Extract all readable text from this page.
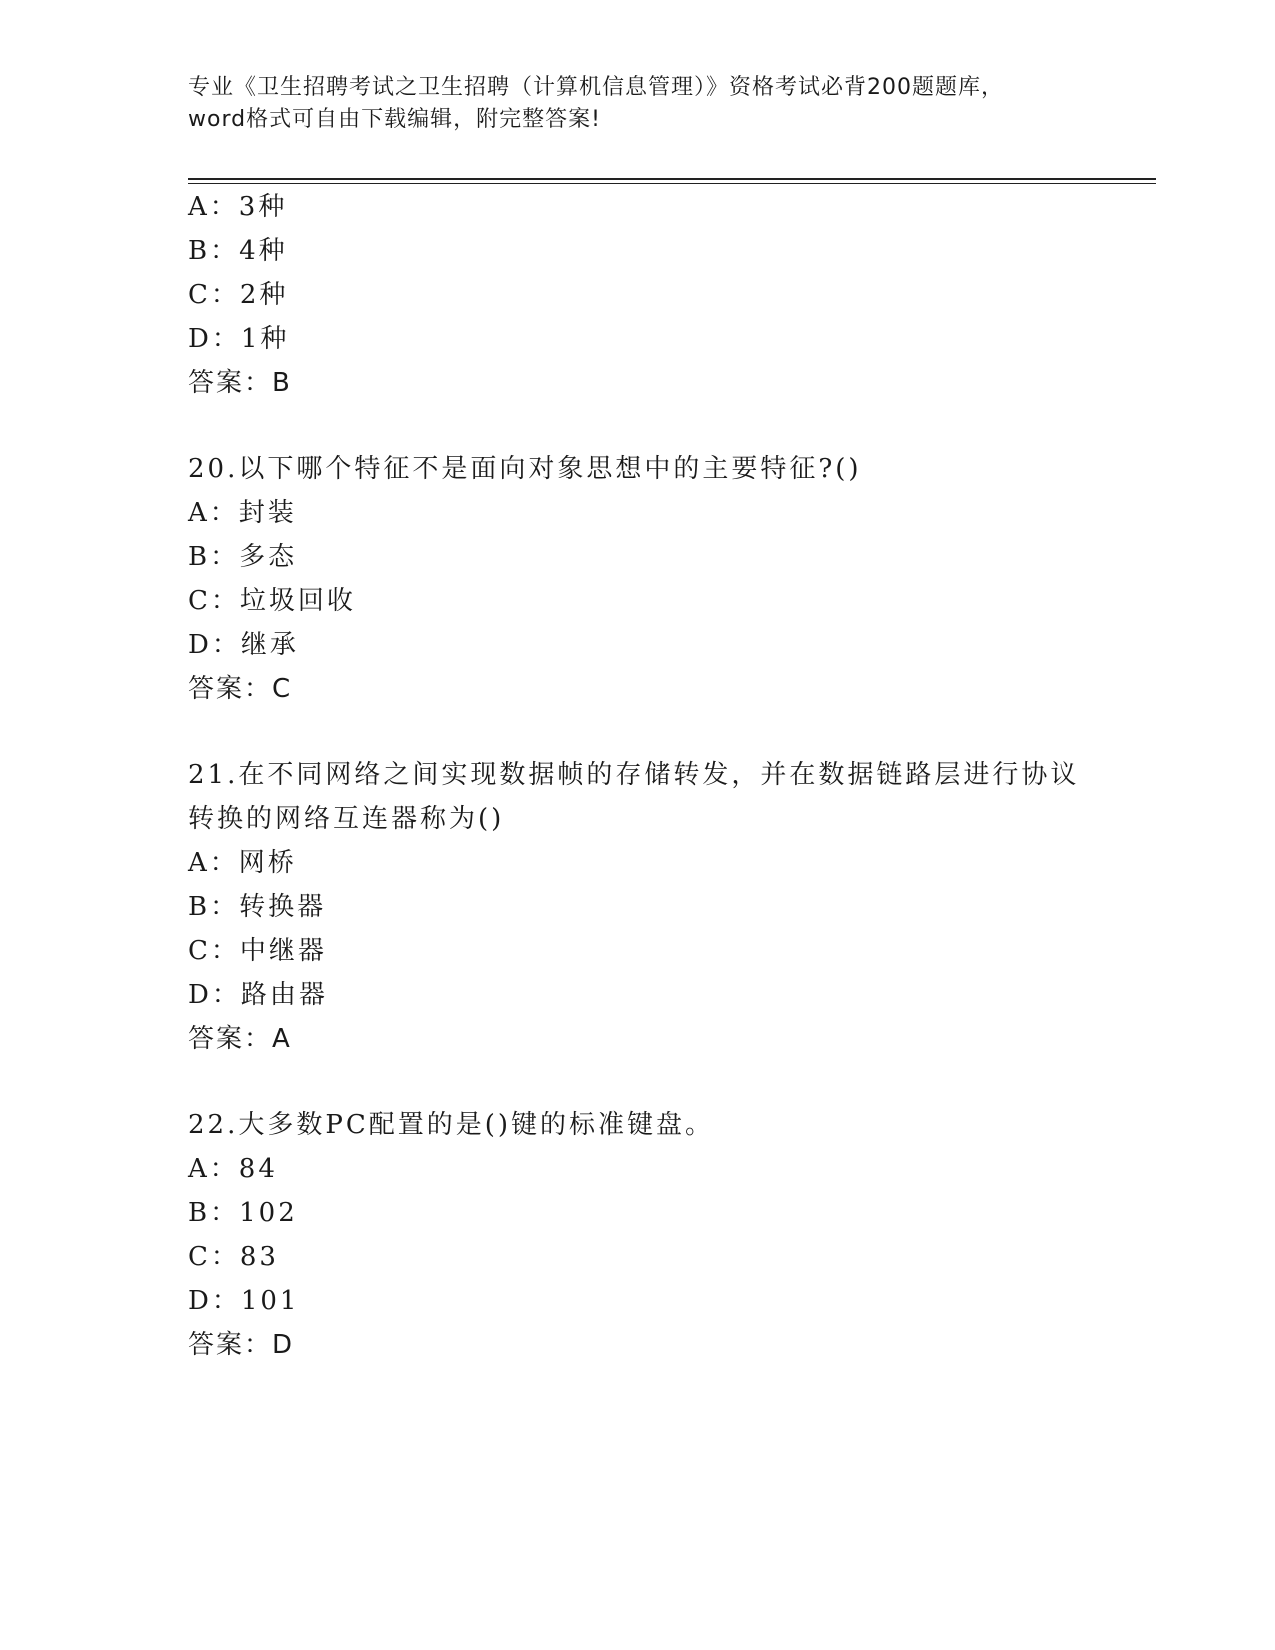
专业《卫生招聘考试之卫生招聘（计算机信息管理）》资格考试必背200题题库，
word格式可自由下载编辑，附完整答案!
A：3种
B：4种
C：2种
D：1种
答案：B
20.以下哪个特征不是面向对象思想中的主要特征?()
A：封装
B：多态
C：垃圾回收
D：继承
答案：C
21.在不同网络之间实现数据帧的存储转发，并在数据链路层进行协议
转换的网络互连器称为()
A：网桥
B：转换器
C：中继器
D：路由器
答案：A
22.大多数PC配置的是()键的标准键盘。
A：84
B：102
C：83
D：101
答案：D
